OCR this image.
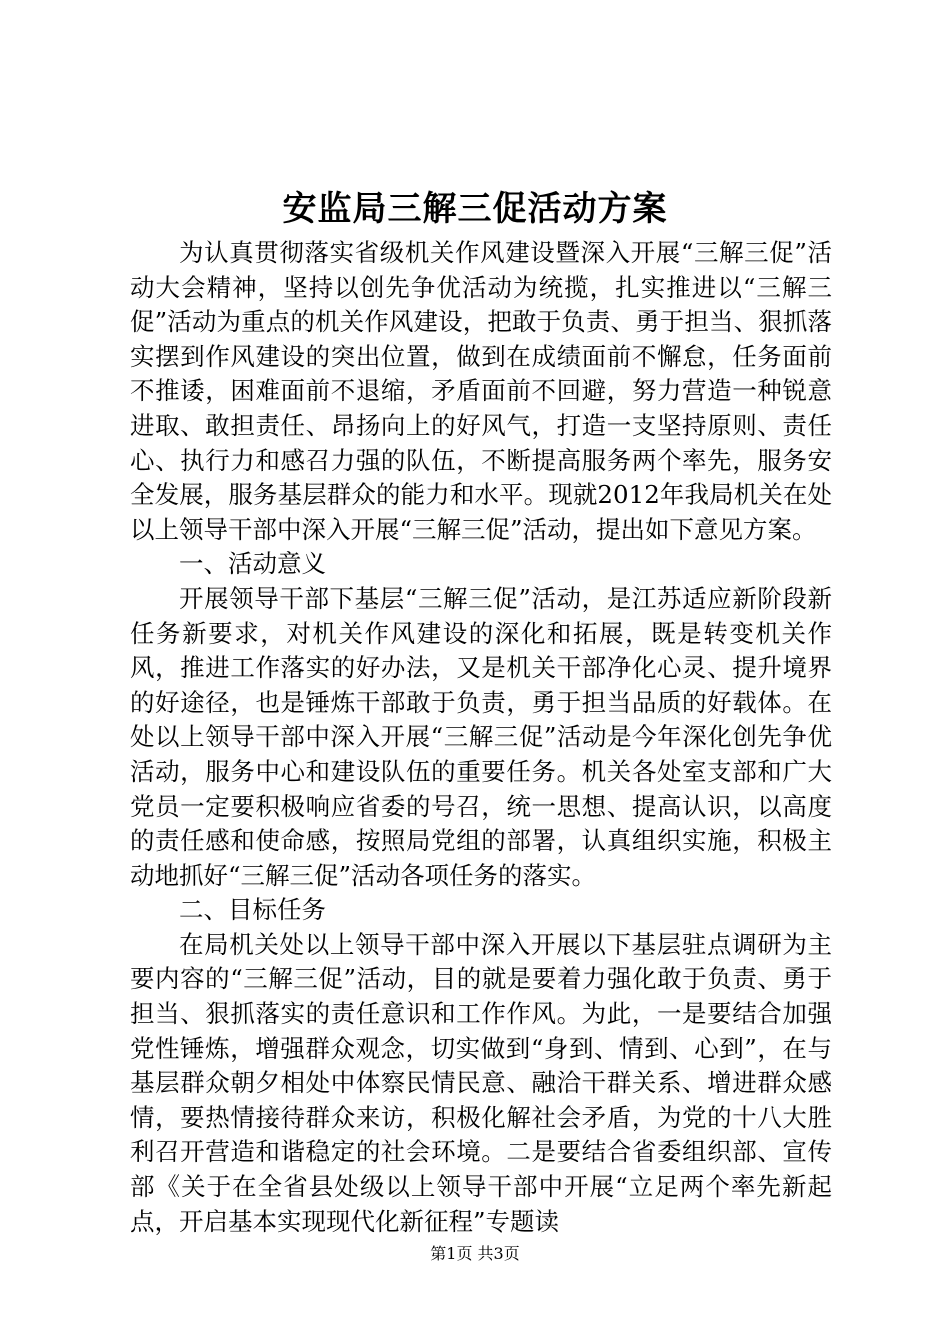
安监局三解三促活动方案

为认真贯彻落实省级机关作风建设暨深入开展“三解三促”活动大会精神，坚持以创先争优活动为统揽，扎实推进以“三解三促”活动为重点的机关作风建设，把敢于负责、勇于担当、狠抓落实摆到作风建设的突出位置，做到在成绩面前不懈怠，任务面前不推诿，困难面前不退缩，矛盾面前不回避，努力营造一种锐意进取、敢担责任、昂扬向上的好风气，打造一支坚持原则、责任心、执行力和感召力强的队伍，不断提高服务两个率先，服务安全发展，服务基层群众的能力和水平。现就2012年我局机关在处以上领导干部中深入开展“三解三促”活动，提出如下意见方案。

一、活动意义

开展领导干部下基层“三解三促”活动，是江苏适应新阶段新任务新要求，对机关作风建设的深化和拓展，既是转变机关作风，推进工作落实的好办法，又是机关干部净化心灵、提升境界的好途径，也是锤炼干部敢于负责，勇于担当品质的好载体。在处以上领导干部中深入开展“三解三促”活动是今年深化创先争优活动，服务中心和建设队伍的重要任务。机关各处室支部和广大党员一定要积极响应省委的号召，统一思想、提高认识，以高度的责任感和使命感，按照局党组的部署，认真组织实施，积极主动地抓好“三解三促”活动各项任务的落实。

二、目标任务

在局机关处以上领导干部中深入开展以下基层驻点调研为主要内容的“三解三促”活动，目的就是要着力强化敢于负责、勇于担当、狠抓落实的责任意识和工作作风。为此，一是要结合加强党性锤炼，增强群众观念，切实做到“身到、情到、心到”，在与基层群众朝夕相处中体察民情民意、融洽干群关系、增进群众感情，要热情接待群众来访，积极化解社会矛盾，为党的十八大胜利召开营造和谐稳定的社会环境。二是要结合省委组织部、宣传部《关于在全省县处级以上领导干部中开展“立足两个率先新起点，开启基本实现现代化新征程”专题读

第1页 共3页
